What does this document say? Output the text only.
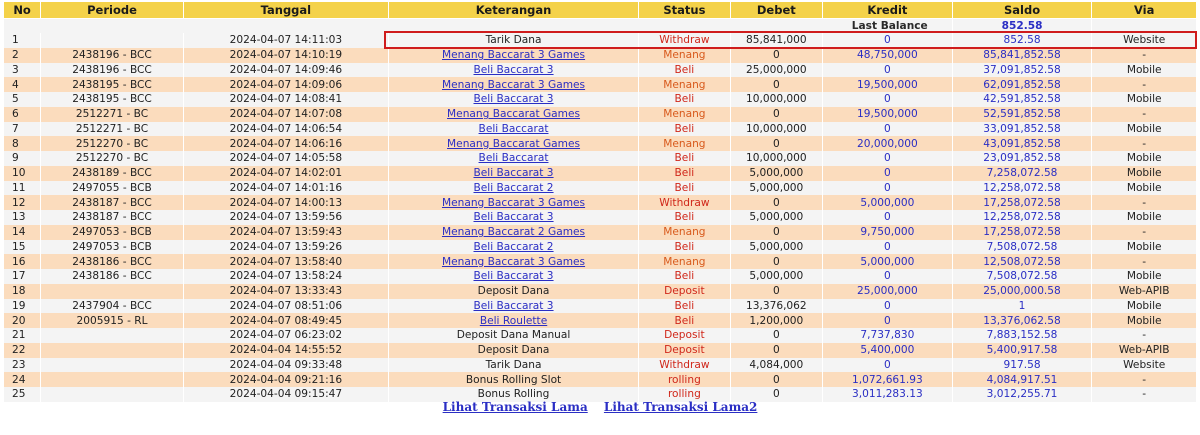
No	Periode	Tanggal	Keterangan	Status	Debet	Kredit	Saldo	Via
Last Balance							852.58	
1		2024-04-07 14:11:03	Tarik Dana	Withdraw	85,841,000	0	852.58	Website
2	2438196 - BCC	2024-04-07 14:10:19	Menang Baccarat 3 Games	Menang	0	48,750,000	85,841,852.58	-
3	2438196 - BCC	2024-04-07 14:09:46	Beli Baccarat 3	Beli	25,000,000	0	37,091,852.58	Mobile
4	2438195 - BCC	2024-04-07 14:09:06	Menang Baccarat 3 Games	Menang	0	19,500,000	62,091,852.58	-
5	2438195 - BCC	2024-04-07 14:08:41	Beli Baccarat 3	Beli	10,000,000	0	42,591,852.58	Mobile
6	2512271 - BC	2024-04-07 14:07:08	Menang Baccarat Games	Menang	0	19,500,000	52,591,852.58	-
7	2512271 - BC	2024-04-07 14:06:54	Beli Baccarat	Beli	10,000,000	0	33,091,852.58	Mobile
8	2512270 - BC	2024-04-07 14:06:16	Menang Baccarat Games	Menang	0	20,000,000	43,091,852.58	-
9	2512270 - BC	2024-04-07 14:05:58	Beli Baccarat	Beli	10,000,000	0	23,091,852.58	Mobile
10	2438189 - BCC	2024-04-07 14:02:01	Beli Baccarat 3	Beli	5,000,000	0	7,258,072.58	Mobile
11	2497055 - BCB	2024-04-07 14:01:16	Beli Baccarat 2	Beli	5,000,000	0	12,258,072.58	Mobile
12	2438187 - BCC	2024-04-07 14:00:13	Menang Baccarat 3 Games	Withdraw	0	5,000,000	17,258,072.58	-
13	2438187 - BCC	2024-04-07 13:59:56	Beli Baccarat 3	Beli	5,000,000	0	12,258,072.58	Mobile
14	2497053 - BCB	2024-04-07 13:59:43	Menang Baccarat 2 Games	Menang	0	9,750,000	17,258,072.58	-
15	2497053 - BCB	2024-04-07 13:59:26	Beli Baccarat 2	Beli	5,000,000	0	7,508,072.58	Mobile
16	2438186 - BCC	2024-04-07 13:58:40	Menang Baccarat 3 Games	Menang	0	5,000,000	12,508,072.58	-
17	2438186 - BCC	2024-04-07 13:58:24	Beli Baccarat 3	Beli	5,000,000	0	7,508,072.58	Mobile
18		2024-04-07 13:33:43	Deposit Dana	Deposit	0	25,000,000	25,000,000.58	Web-APIB
19	2437904 - BCC	2024-04-07 08:51:06	Beli Baccarat 3	Beli	13,376,062	0	1	Mobile
20	2005915 - RL	2024-04-07 08:49:45	Beli Roulette	Beli	1,200,000	0	13,376,062.58	Mobile
21		2024-04-07 06:23:02	Deposit Dana Manual	Deposit	0	7,737,830	7,883,152.58	-
22		2024-04-04 14:55:52	Deposit Dana	Deposit	0	5,400,000	5,400,917.58	Web-APIB
23		2024-04-04 09:33:48	Tarik Dana	Withdraw	4,084,000	0	917.58	Website
24		2024-04-04 09:21:16	Bonus Rolling Slot	rolling	0	1,072,661.93	4,084,917.51	-
25		2024-04-04 09:15:47	Bonus Rolling	rolling	0	3,011,283.13	3,012,255.71	-
Lihat Transaksi Lama Lihat Transaksi Lama2
